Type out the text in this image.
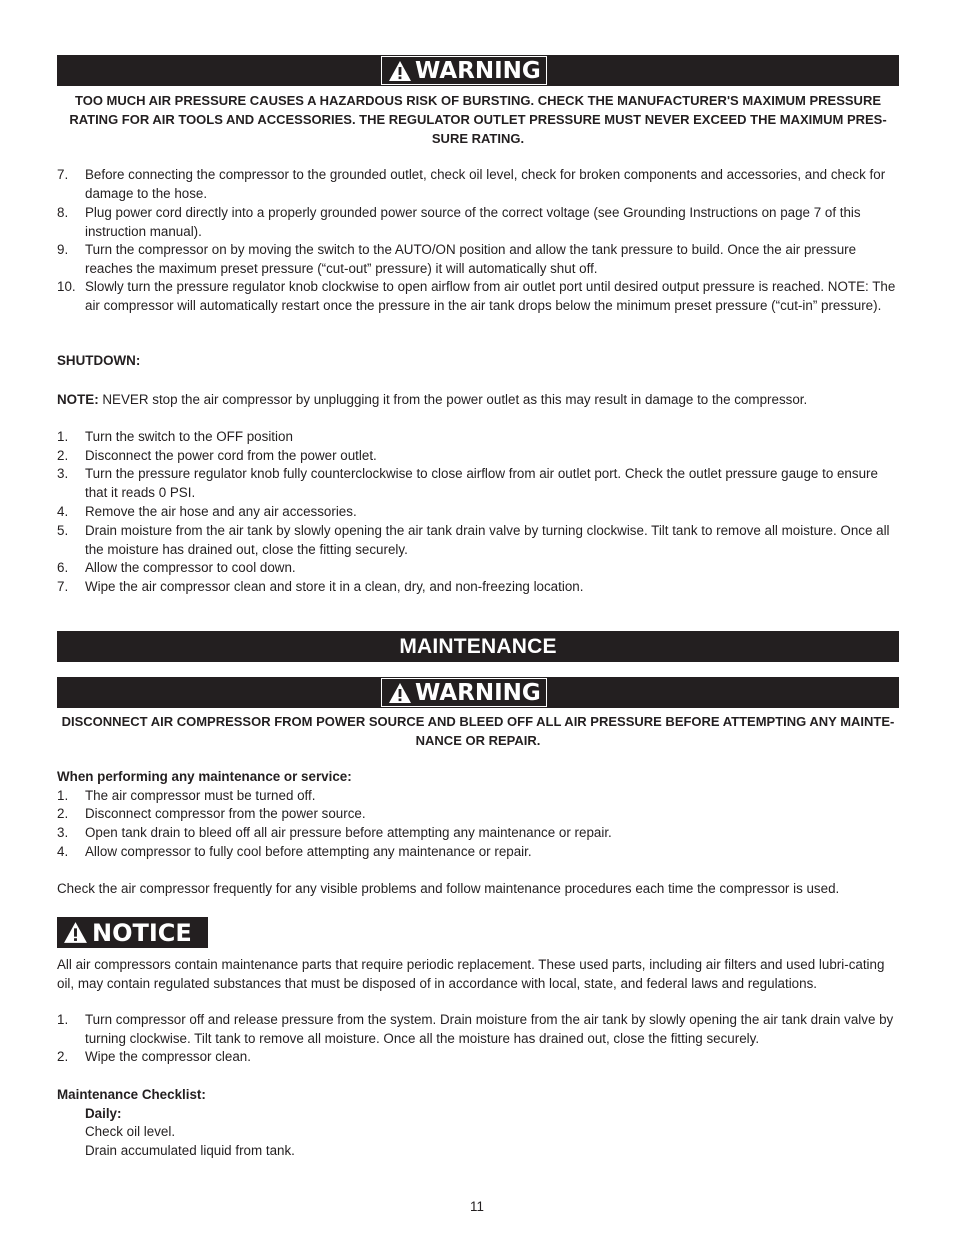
WARNING
TOO MUCH AIR PRESSURE CAUSES A HAZARDOUS RISK OF BURSTING. CHECK THE MANUFACTURER'S MAXIMUM PRESSURE RATING FOR AIR TOOLS AND ACCESSORIES. THE REGULATOR OUTLET PRESSURE MUST NEVER EXCEED THE MAXIMUM PRES-SURE RATING.
7.	Before connecting the compressor to the grounded outlet, check oil level, check for broken components and accessories, and check for damage to the hose.
8.	Plug power cord directly into a properly grounded power source of the correct voltage (see Grounding Instructions on page 7 of this instruction manual).
9.	Turn the compressor on by moving the switch to the AUTO/ON position and allow the tank pressure to build. Once the air pressure reaches the maximum preset pressure (“cut-out” pressure) it will automatically shut off.
10. Slowly turn the pressure regulator knob clockwise to open airflow from air outlet port until desired output pressure is reached. NOTE: The air compressor will automatically restart once the pressure in the air tank drops below the minimum preset pressure (“cut-in” pressure).
SHUTDOWN:
NOTE: NEVER stop the air compressor by unplugging it from the power outlet as this may result in damage to the compressor.
1.	Turn the switch to the OFF position
2.	Disconnect the power cord from the power outlet.
3.	Turn the pressure regulator knob fully counterclockwise to close airflow from air outlet port. Check the outlet pressure gauge to ensure that it reads 0 PSI.
4.	Remove the air hose and any air accessories.
5.	Drain moisture from the air tank by slowly opening the air tank drain valve by turning clockwise. Tilt tank to remove all moisture. Once all the moisture has drained out, close the fitting securely.
6.	Allow the compressor to cool down.
7.	Wipe the air compressor clean and store it in a clean, dry, and non-freezing location.
MAINTENANCE
WARNING
DISCONNECT AIR COMPRESSOR FROM POWER SOURCE AND BLEED OFF ALL AIR PRESSURE BEFORE ATTEMPTING ANY MAINTE-NANCE OR REPAIR.
When performing any maintenance or service:
1.	The air compressor must be turned off.
2.	Disconnect compressor from the power source.
3.	Open tank drain to bleed off all air pressure before attempting any maintenance or repair.
4.	Allow compressor to fully cool before attempting any maintenance or repair.
Check the air compressor frequently for any visible problems and follow maintenance procedures each time the compressor is used.
NOTICE
All air compressors contain maintenance parts that require periodic replacement. These used parts, including air filters and used lubri-cating oil, may contain regulated substances that must be disposed of in accordance with local, state, and federal laws and regulations.
1.	Turn compressor off and release pressure from the system. Drain moisture from the air tank by slowly opening the air tank drain valve by turning clockwise. Tilt tank to remove all moisture. Once all the moisture has drained out, close the fitting securely.
2.	Wipe the compressor clean.
Maintenance Checklist:
Daily:
Check oil level.
Drain accumulated liquid from tank.
11
